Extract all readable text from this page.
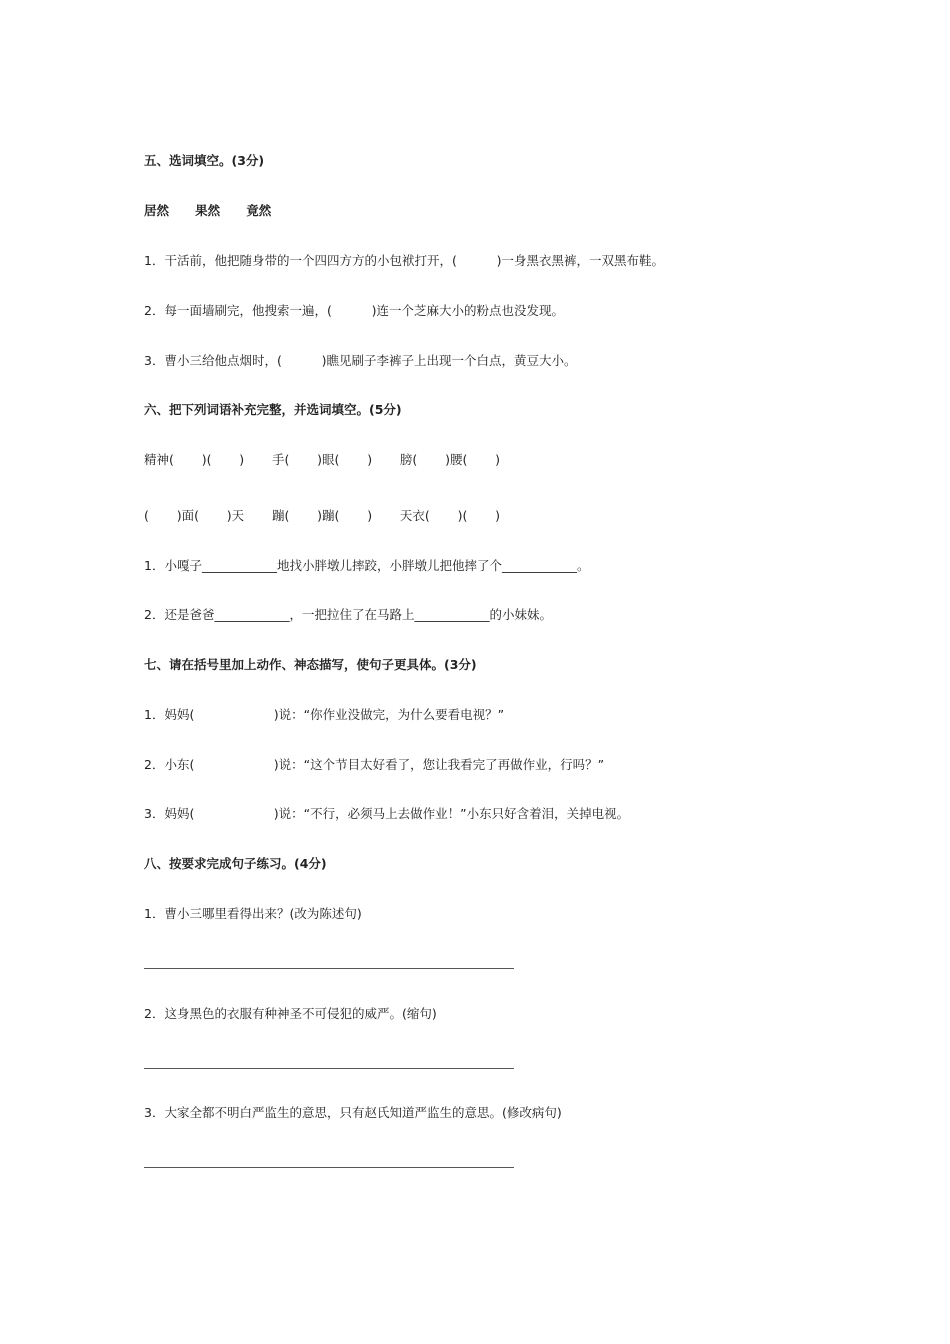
五、选词填空。(3分)
居然      果然      竟然
1．干活前，他把随身带的一个四四方方的小包袱打开，(          )一身黑衣黑裤，一双黑布鞋。
2．每一面墙刷完，他搜索一遍，(          )连一个芝麻大小的粉点也没发现。
3．曹小三给他点烟时，(          )瞧见刷子李裤子上出现一个白点，黄豆大小。
六、把下列词语补充完整，并选词填空。(5分)
精神(       )(       )       手(       )眼(       )       膀(       )腰(       )
(       )面(       )天       蹦(       )蹦(       )       天衣(       )(       )
1．小嘎子____________地找小胖墩儿摔跤，小胖墩儿把他摔了个____________。
2．还是爸爸____________，一把拉住了在马路上____________的小妹妹。
七、请在括号里加上动作、神态描写，使句子更具体。(3分)
1．妈妈(                    )说：“你作业没做完，为什么要看电视？”
2．小东(                    )说：“这个节目太好看了，您让我看完了再做作业，行吗？”
3．妈妈(                    )说：“不行，必须马上去做作业！”小东只好含着泪，关掉电视。
八、按要求完成句子练习。(4分)
1．曹小三哪里看得出来？(改为陈述句)
2．这身黑色的衣服有种神圣不可侵犯的威严。(缩句)
3．大家全都不明白严监生的意思，只有赵氏知道严监生的意思。(修改病句)
